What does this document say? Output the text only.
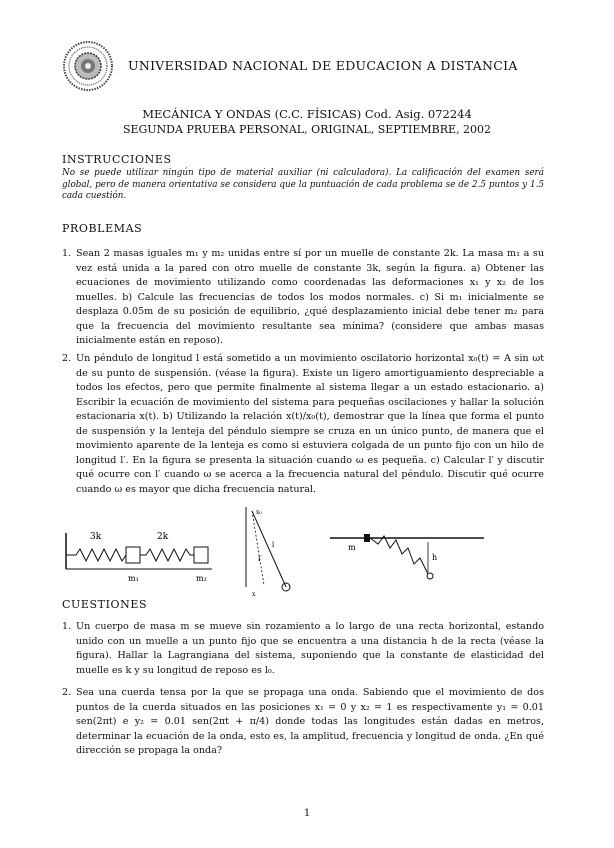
UNIVERSIDAD NACIONAL DE EDUCACION A DISTANCIA
MECÁNICA Y ONDAS (C.C. FÍSICAS) Cod. Asig. 072244
SEGUNDA PRUEBA PERSONAL, ORIGINAL, SEPTIEMBRE, 2002
INSTRUCCIONES
No se puede utilizar ningún tipo de material auxiliar (ni calculadora). La calificación del examen será global, pero de manera orientativa se considera que la puntuación de cada problema se de 2.5 puntos y 1.5 cada cuestión.
PROBLEMAS
1. Sean 2 masas iguales m₁ y m₂ unidas entre sí por un muelle de constante 2k. La masa m₁ a su vez está unida a la pared con otro muelle de constante 3k, según la figura. a) Obtener las ecuaciones de movimiento utilizando como coordenadas las deformaciones x₁ y x₂ de los muelles. b) Calcule las frecuencias de todos los modos normales. c) Si m₁ inicialmente se desplaza 0.05m de su posición de equilibrio, ¿qué desplazamiento inicial debe tener m₂ para que la frecuencia del movimiento resultante sea mínima? (considere que ambas masas inicialmente están en reposo).
2. Un péndulo de longitud l está sometido a un movimiento oscilatorio horizontal x₀(t) = A sin ωt de su punto de suspensión. (véase la figura). Existe un ligero amortiguamiento despreciable a todos los efectos, pero que permite finalmente al sistema llegar a un estado estacionario. a) Escribir la ecuación de movimiento del sistema para pequeñas oscilaciones y hallar la solución estacionaria x(t). b) Utilizando la relación x(t)/x₀(t), demostrar que la línea que forma el punto de suspensión y la lenteja del péndulo siempre se cruza en un único punto, de manera que el movimiento aparente de la lenteja es como si estuviera colgada de un punto fijo con un hilo de longitud l′. En la figura se presenta la situación cuando ω es pequeña. c) Calcular l′ y discutir qué ocurre con l′ cuando ω se acerca a la frecuencia natural del péndulo. Discutir qué ocurre cuando ω es mayor que dicha frecuencia natural.
3k	2k
m₁	m₂
l
l′
x₀
x
m
h
CUESTIONES
1. Un cuerpo de masa m se mueve sin rozamiento a lo largo de una recta horizontal, estando unido con un muelle a un punto fijo que se encuentra a una distancia h de la recta (véase la figura). Hallar la Lagrangiana del sistema, suponiendo que la constante de elasticidad del muelle es k y su longitud de reposo es l₀.
2. Sea una cuerda tensa por la que se propaga una onda. Sabiendo que el movimiento de dos puntos de la cuerda situados en las posiciones x₁ = 0 y x₂ = 1 es respectivamente y₁ = 0.01 sen(2πt) e y₂ = 0.01 sen(2πt + π/4) donde todas las longitudes están dadas en metros, determinar la ecuación de la onda, esto es, la amplitud, frecuencia y longitud de onda. ¿En qué dirección se propaga la onda?
1
